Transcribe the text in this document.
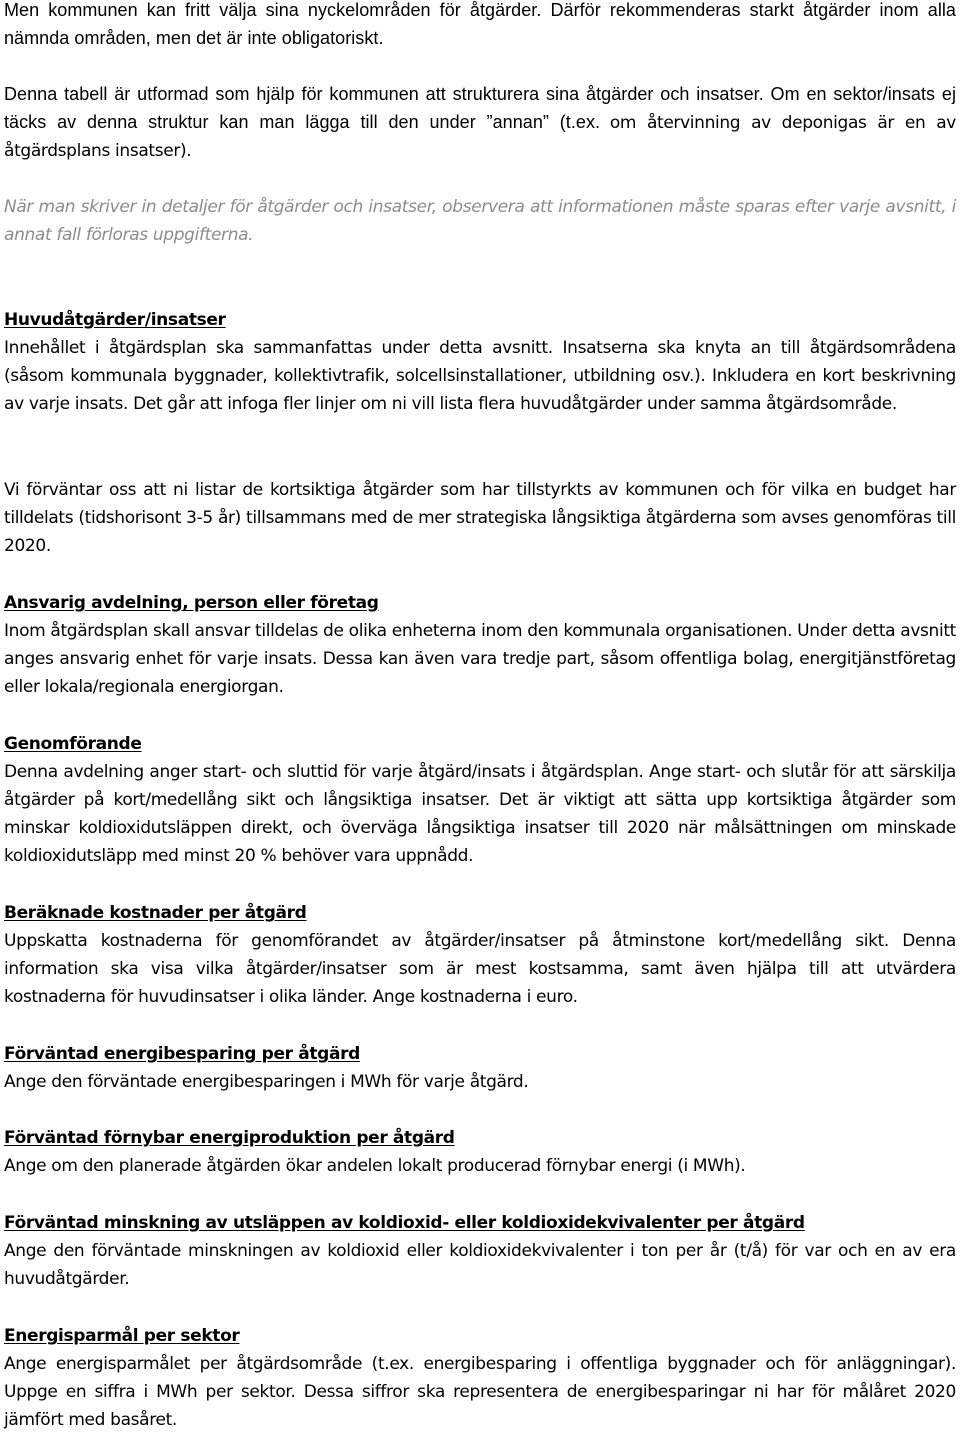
Men kommunen kan fritt välja sina nyckelområden för åtgärder. Därför rekommenderas starkt åtgärder inom alla nämnda områden, men det är inte obligatoriskt.

Denna tabell är utformad som hjälp för kommunen att strukturera sina åtgärder och insatser. Om en sektor/insats ej täcks av denna struktur kan man lägga till den under ”annan” (t.ex. om återvinning av deponigas är en av åtgärdsplans insatser).

När man skriver in detaljer för åtgärder och insatser, observera att informationen måste sparas efter varje avsnitt, i annat fall förloras uppgifterna.

Huvudåtgärder/insatser

Innehållet i åtgärdsplan ska sammanfattas under detta avsnitt. Insatserna ska knyta an till åtgärdsområdena (såsom kommunala byggnader, kollektivtrafik, solcellsinstallationer, utbildning osv.). Inkludera en kort beskrivning av varje insats. Det går att infoga fler linjer om ni vill lista flera huvudåtgärder under samma åtgärdsområde.

Vi förväntar oss att ni listar de kortsiktiga åtgärder som har tillstyrkts av kommunen och för vilka en budget har tilldelats (tidshorisont 3-5 år) tillsammans med de mer strategiska långsiktiga åtgärderna som avses genomföras till 2020.

Ansvarig avdelning, person eller företag

Inom åtgärdsplan skall ansvar tilldelas de olika enheterna inom den kommunala organisationen. Under detta avsnitt anges ansvarig enhet för varje insats. Dessa kan även vara tredje part, såsom offentliga bolag, energitjänstföretag eller lokala/regionala energiorgan.

Genomförande

Denna avdelning anger start- och sluttid för varje åtgärd/insats i åtgärdsplan. Ange start- och slutår för att särskilja åtgärder på kort/medellång sikt och långsiktiga insatser. Det är viktigt att sätta upp kortsiktiga åtgärder som minskar koldioxidutsläppen direkt, och överväga långsiktiga insatser till 2020 när målsättningen om minskade koldioxidutsläpp med minst 20 % behöver vara uppnådd.

Beräknade kostnader per åtgärd

Uppskatta kostnaderna för genomförandet av åtgärder/insatser på åtminstone kort/medellång sikt. Denna information ska visa vilka åtgärder/insatser som är mest kostsamma, samt även hjälpa till att utvärdera kostnaderna för huvudinsatser i olika länder. Ange kostnaderna i euro.

Förväntad energibesparing per åtgärd

Ange den förväntade energibesparingen i MWh för varje åtgärd.

Förväntad förnybar energiproduktion per åtgärd

Ange om den planerade åtgärden ökar andelen lokalt producerad förnybar energi (i MWh).

Förväntad minskning av utsläppen av koldioxid- eller koldioxidekvivalenter per åtgärd

Ange den förväntade minskningen av koldioxid eller koldioxidekvivalenter i ton per år (t/å) för var och en av era huvudåtgärder.

Energisparmål per sektor

Ange energisparmålet per åtgärdsområde (t.ex. energibesparing i offentliga byggnader och för anläggningar). Uppge en siffra i MWh per sektor. Dessa siffror ska representera de energibesparingar ni har för målåret 2020 jämfört med basåret.
